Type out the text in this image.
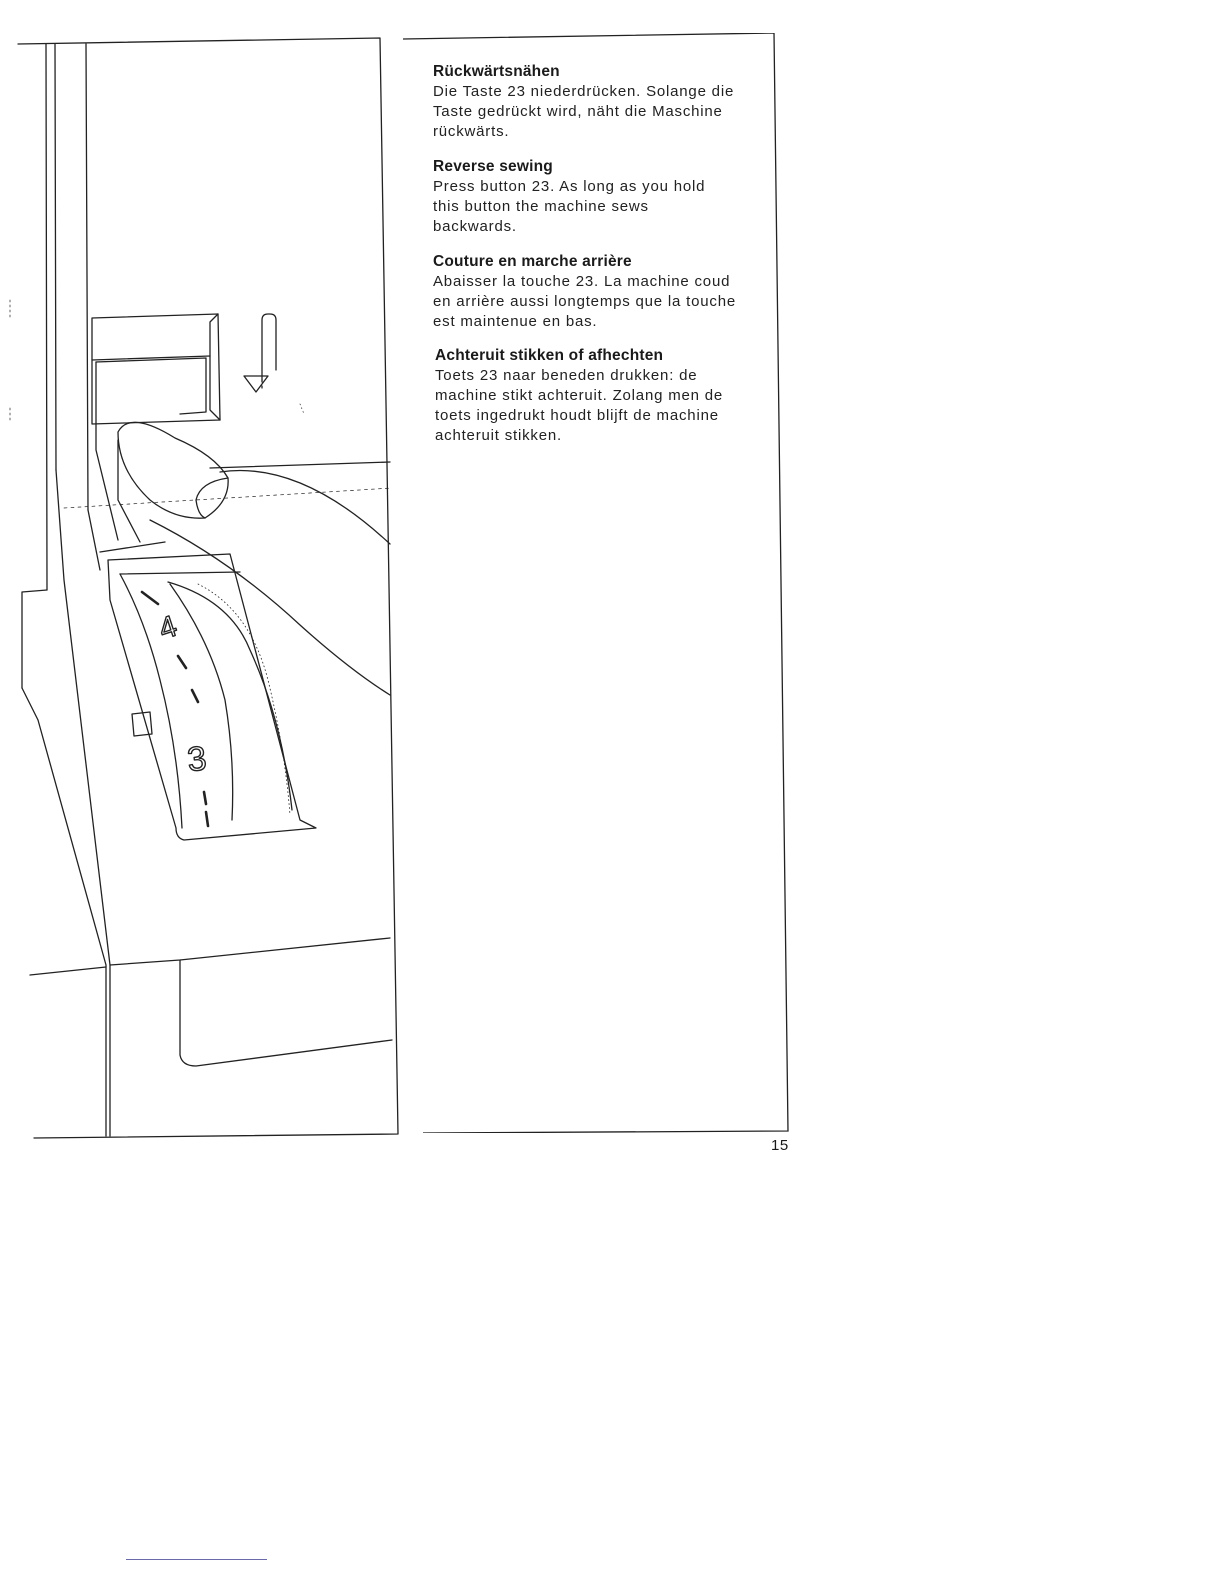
4
3
Rückwärtsnähen

Die Taste 23 niederdrücken. Solange die

Taste gedrückt wird, näht die Maschine

rückwärts.

Reverse sewing

Press button 23. As long as you hold

this button the machine sews

backwards.

Couture en marche arrière

Abaisser la touche 23. La machine coud

en arrière aussi longtemps que la touche

est maintenue en bas.

Achteruit stikken of afhechten

Toets 23 naar beneden drukken: de

machine stikt achteruit. Zolang men de

toets ingedrukt houdt blijft de machine

achteruit stikken.

15
